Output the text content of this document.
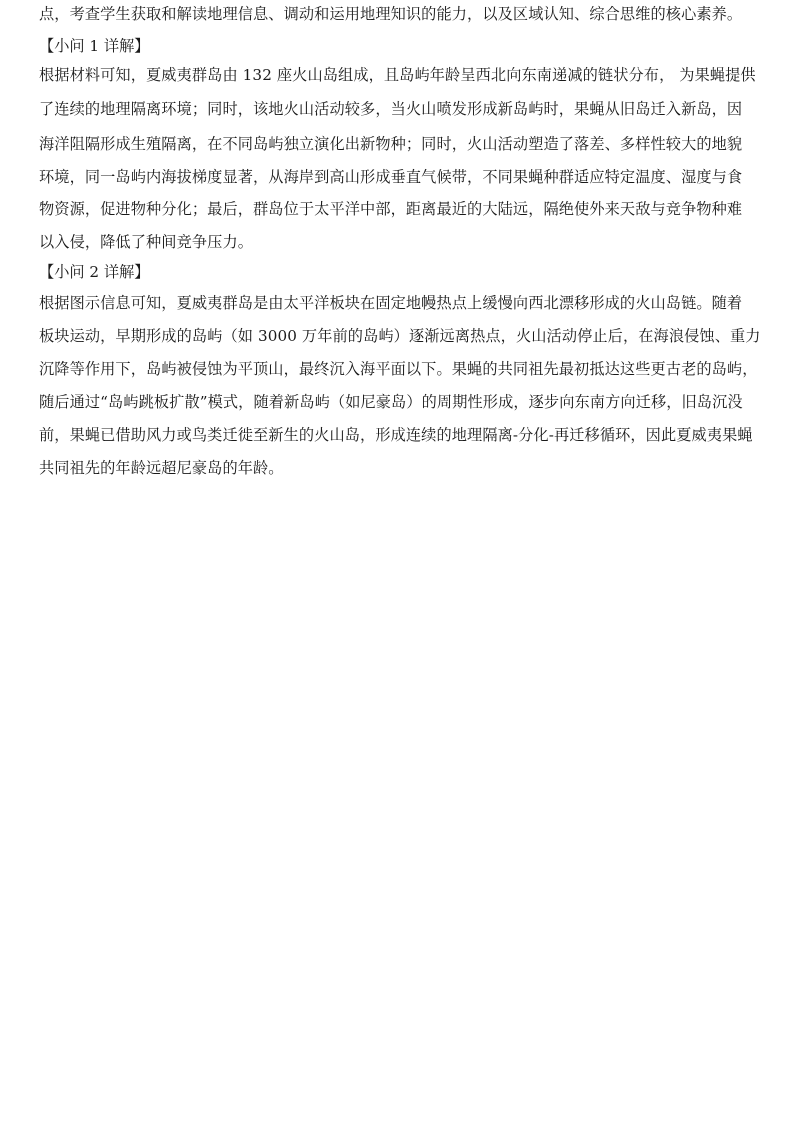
点，考查学生获取和解读地理信息、调动和运用地理知识的能力，以及区域认知、综合思维的核心素养。
【小问 1 详解】
根据材料可知，夏威夷群岛由 132 座火山岛组成，且岛屿年龄呈西北向东南递减的链状分布， 为果蝇提供
了连续的地理隔离环境；同时，该地火山活动较多，当火山喷发形成新岛屿时，果蝇从旧岛迁入新岛，因
海洋阻隔形成生殖隔离，在不同岛屿独立演化出新物种；同时，火山活动塑造了落差、多样性较大的地貌
环境，同一岛屿内海拔梯度显著，从海岸到高山形成垂直气候带，不同果蝇种群适应特定温度、湿度与食
物资源，促进物种分化；最后，群岛位于太平洋中部，距离最近的大陆远，隔绝使外来天敌与竞争物种难
以入侵，降低了种间竞争压力。
【小问 2 详解】
根据图示信息可知，夏威夷群岛是由太平洋板块在固定地幔热点上缓慢向西北漂移形成的火山岛链。随着
板块运动，早期形成的岛屿（如 3000 万年前的岛屿）逐渐远离热点，火山活动停止后，在海浪侵蚀、重力
沉降等作用下，岛屿被侵蚀为平顶山，最终沉入海平面以下。果蝇的共同祖先最初抵达这些更古老的岛屿，
随后通过“岛屿跳板扩散”模式，随着新岛屿（如尼豪岛）的周期性形成，逐步向东南方向迁移，旧岛沉没
前，果蝇已借助风力或鸟类迁徙至新生的火山岛，形成连续的地理隔离-分化-再迁移循环，因此夏威夷果蝇
共同祖先的年龄远超尼豪岛的年龄。
